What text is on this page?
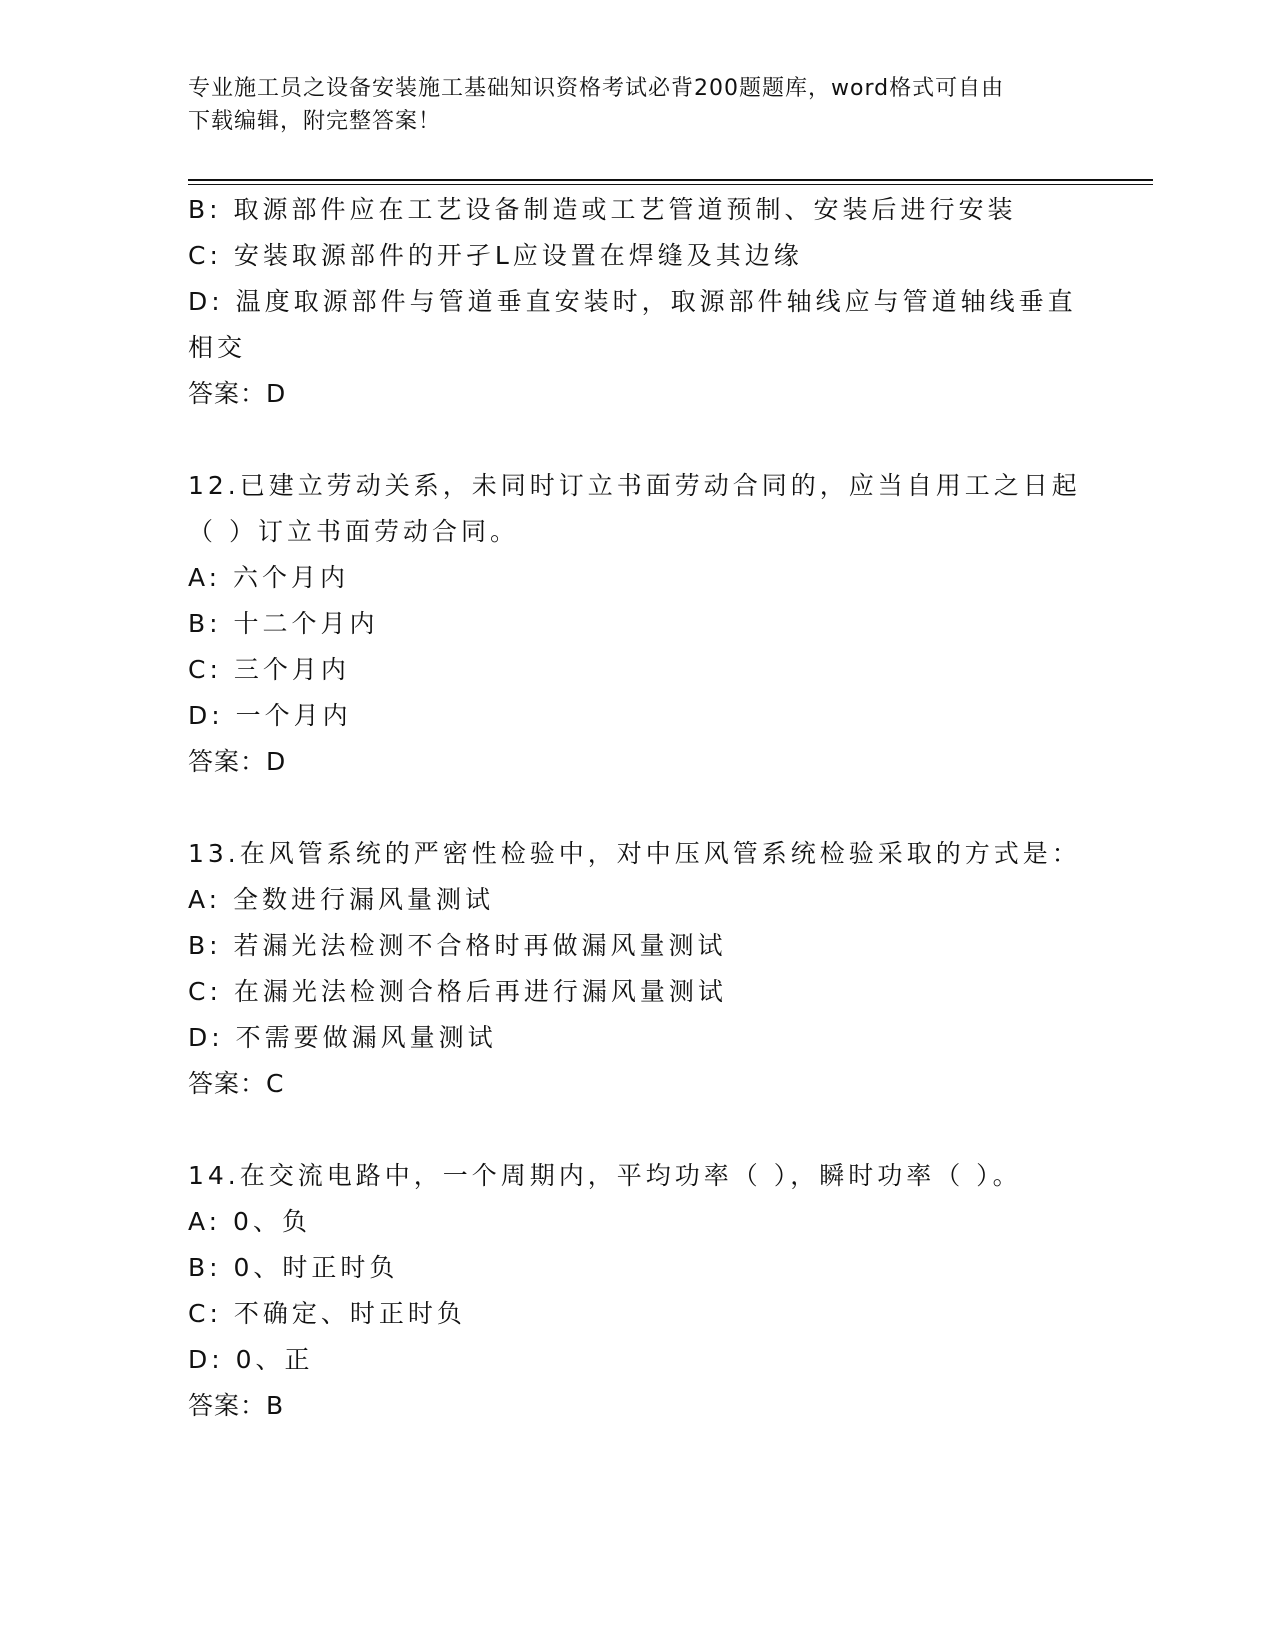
专业施工员之设备安装施工基础知识资格考试必背200题题库，word格式可自由
下载编辑，附完整答案！
B: 取源部件应在工艺设备制造或工艺管道预制、安装后进行安装
C: 安装取源部件的开孑L应设置在焊缝及其边缘
D: 温度取源部件与管道垂直安装时，取源部件轴线应与管道轴线垂直
相交
答案：D
12.已建立劳动关系，未同时订立书面劳动合同的，应当自用工之日起
（ ）订立书面劳动合同。
A: 六个月内
B: 十二个月内
C: 三个月内
D: 一个月内
答案：D
13.在风管系统的严密性检验中，对中压风管系统检验采取的方式是：
A: 全数进行漏风量测试
B: 若漏光法检测不合格时再做漏风量测试
C: 在漏光法检测合格后再进行漏风量测试
D: 不需要做漏风量测试
答案：C
14.在交流电路中，一个周期内，平均功率（ ），瞬时功率（ ）。
A: 0、负
B: 0、时正时负
C: 不确定、时正时负
D: 0、正
答案：B
